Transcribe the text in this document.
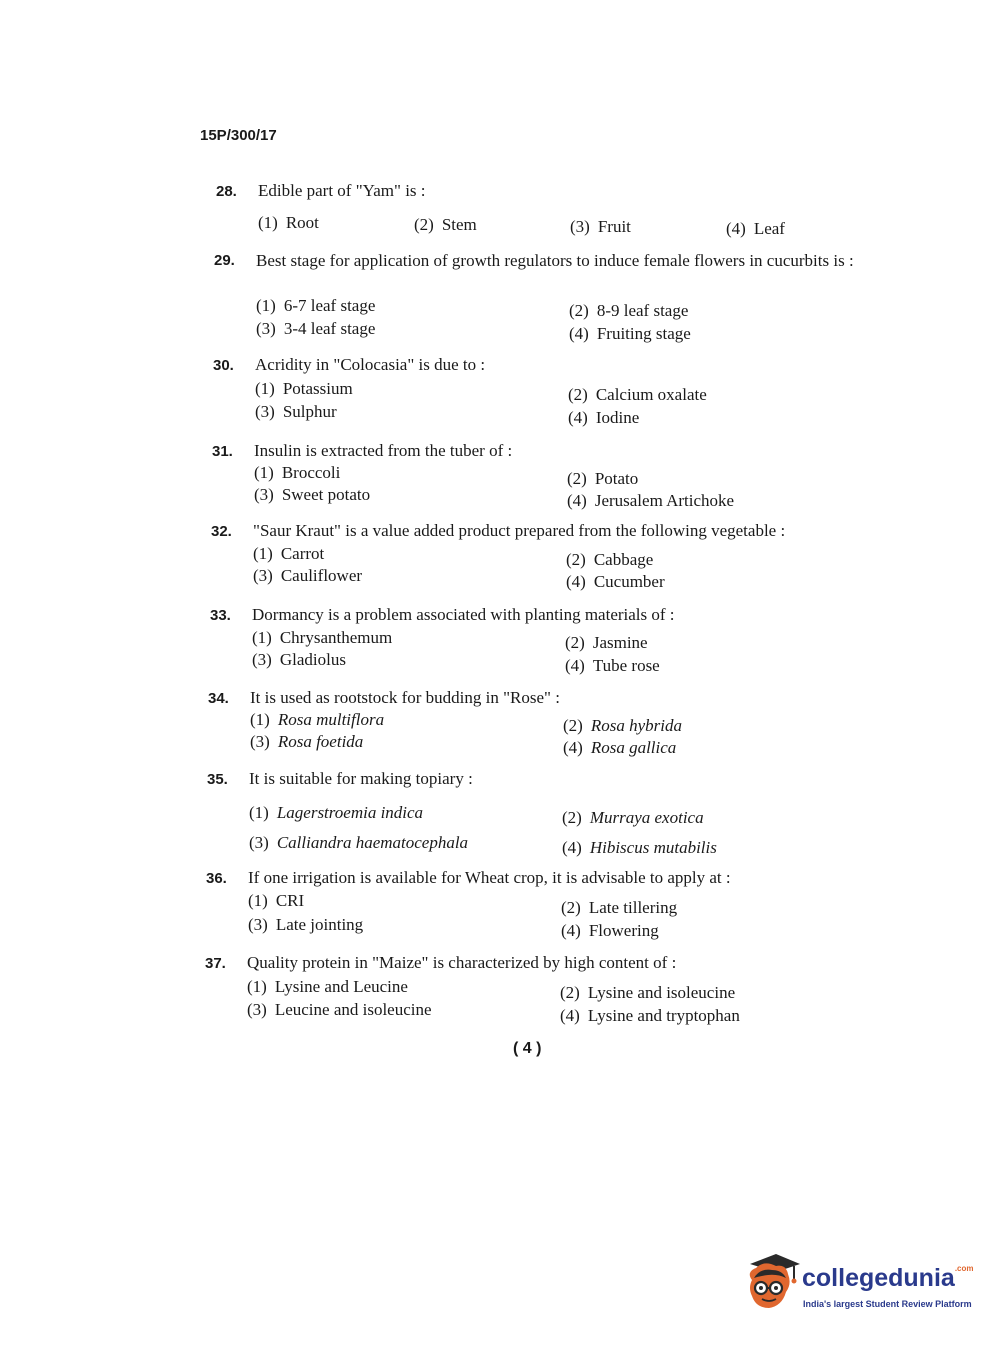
15P/300/17
28. Edible part of "Yam" is :
(1) Root	(2) Stem	(3) Fruit	(4) Leaf
29. Best stage for application of growth regulators to induce female flowers in cucurbits is :
(1) 6-7 leaf stage	(2) 8-9 leaf stage
(3) 3-4 leaf stage	(4) Fruiting stage
30. Acridity in "Colocasia" is due to :
(1) Potassium	(2) Calcium oxalate
(3) Sulphur	(4) Iodine
31. Insulin is extracted from the tuber of :
(1) Broccoli	(2) Potato
(3) Sweet potato	(4) Jerusalem Artichoke
32. "Saur Kraut" is a value added product prepared from the following vegetable :
(1) Carrot	(2) Cabbage
(3) Cauliflower	(4) Cucumber
33. Dormancy is a problem associated with planting materials of :
(1) Chrysanthemum	(2) Jasmine
(3) Gladiolus	(4) Tube rose
34. It is used as rootstock for budding in "Rose" :
(1) Rosa multiflora	(2) Rosa hybrida
(3) Rosa foetida	(4) Rosa gallica
35. It is suitable for making topiary :
(1) Lagerstroemia indica	(2) Murraya exotica
(3) Calliandra haematocephala	(4) Hibiscus mutabilis
36. If one irrigation is available for Wheat crop, it is advisable to apply at :
(1) CRI	(2) Late tillering
(3) Late jointing	(4) Flowering
37. Quality protein in "Maize" is characterized by high content of :
(1) Lysine and Leucine	(2) Lysine and isoleucine
(3) Leucine and isoleucine	(4) Lysine and tryptophan
( 4 )
collegedunia$^{.com}$
India's largest Student Review Platform
